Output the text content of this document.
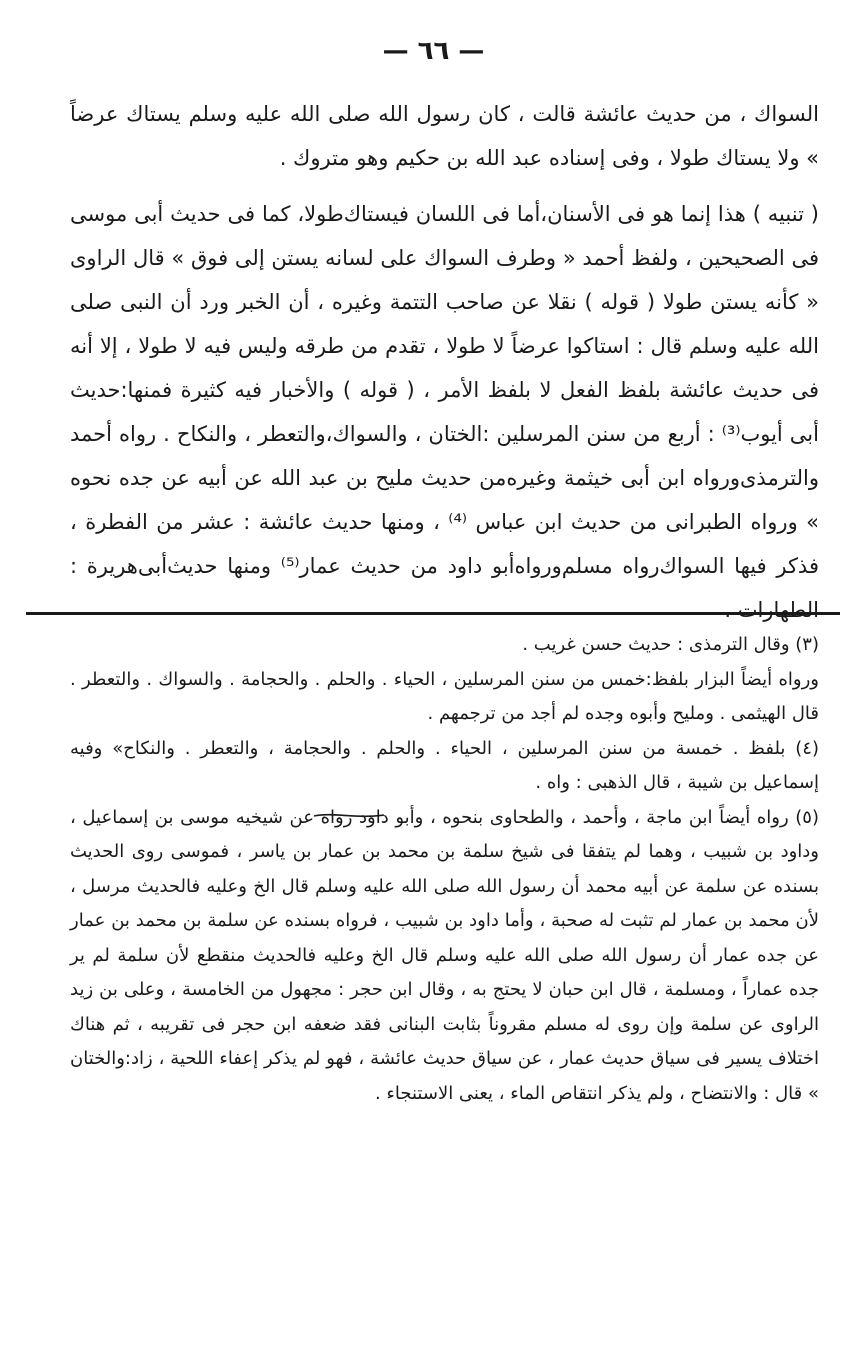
— ٦٦ —

السواك ، من حديث عائشة قالت ، كان رسول الله صلى الله عليه وسلم يستاك عرضاً » ولا يستاك طولا ، وفى إسناده عبد الله بن حكيم وهو متروك .

( تنبيه ) هذا إنما هو فى الأسنان،أما فى اللسان فيستاك‌طولا، كما فى حديث أبى موسى فى الصحيحين ، ولفظ أحمد « وطرف السواك على لسانه يستن إلى فوق » قال الراوى « كأنه يستن طولا ( قوله ) نقلا عن صاحب التتمة وغيره ، أن الخبر ورد أن النبى صلى الله عليه وسلم قال : استاكوا عرضاً لا طولا ، تقدم من طرقه وليس فيه لا طولا ، إلا أنه فى حديث عائشة بلفظ الفعل لا بلفظ الأمر ، ( قوله ) والأخبار فيه كثيرة فمنها:حديث أبى أيوب⁽³⁾ : أربع من سنن المرسلين :الختان ، والسواك،والتعطر ، والنكاح . رواه أحمد والترمذى‌ورواه ابن أبى خيثمة وغيره‌من حديث مليح بن عبد الله عن أبيه عن جده نحوه » ورواه الطبرانى من حديث ابن عباس ⁽⁴⁾ ، ومنها حديث عائشة : عشر من الفطرة ، فذكر فيها السواك‌رواه مسلم‌ورواه‌أبو داود من حديث عمار⁽⁵⁾ ومنها حديث‌أبى‌هريرة : الطهارات .

(٣) وقال الترمذى : حديث حسن غريب .

ورواه أيضاً البزار بلفظ:خمس من سنن المرسلين ، الحياء . والحلم . والحجامة . والسواك . والتعطر . قال الهيثمى . ومليح وأبوه وجده لم أجد من ترجمهم .

(٤) بلفظ . خمسة من سنن المرسلين ، الحياء . والحلم . والحجامة ، والتعطر . والنكاح» وفيه إسماعيل بن شيبة ، قال الذهبى : واه .

(٥) رواه أيضاً ابن ماجة ، وأحمد ، والطحاوى بنحوه ، وأبو داود رواه عن شيخيه موسى بن إسماعيل ، وداود بن شبيب ، وهما لم يتفقا فى شيخ سلمة بن محمد بن عمار بن ياسر ، فموسى روى الحديث بسنده عن سلمة عن أبيه محمد أن رسول الله صلى الله عليه وسلم قال الخ وعليه فالحديث مرسل ، لأن محمد بن عمار لم تثبت له صحبة ، وأما داود بن شبيب ، فرواه بسنده عن سلمة بن محمد بن عمار عن جده عمار أن رسول الله صلى الله عليه وسلم قال الخ وعليه فالحديث منقطع لأن سلمة لم ير جده عماراً ، ومسلمة ، قال ابن حبان لا يحتج به ، وقال ابن حجر : مجهول من الخامسة ، وعلى بن زيد الراوى عن سلمة وإن روى له مسلم مقروناً بثابت البنانى فقد ضعفه ابن حجر فى تقريبه ، ثم هناك اختلاف يسير فى سياق حديث عمار ، عن سياق حديث عائشة ، فهو لم يذكر إعفاء اللحية ، زاد:والختان » قال : والانتضاح ، ولم يذكر انتقاص الماء ، يعنى الاستنجاء .
